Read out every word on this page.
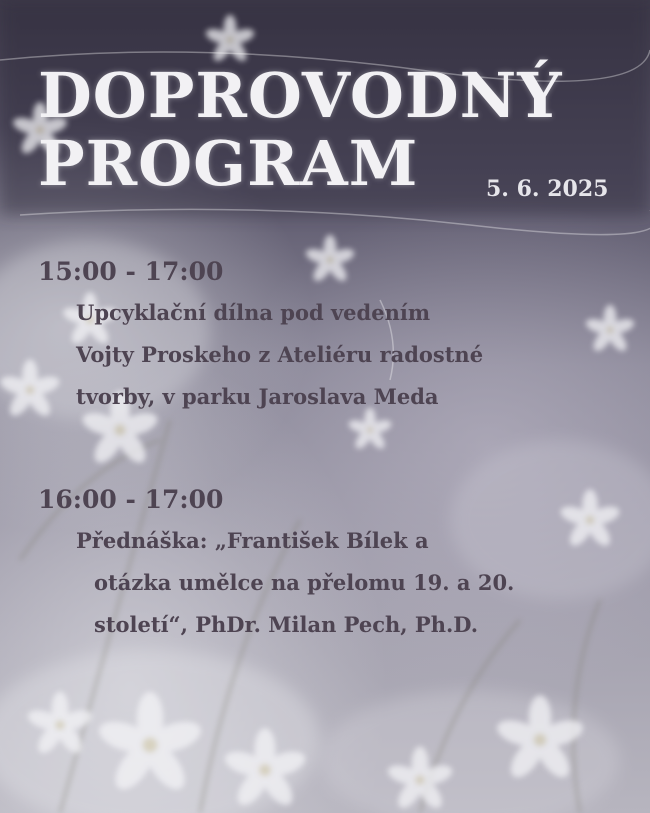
DOPROVODNÝ
PROGRAM	5. 6. 2025
15:00 - 17:00
Upcyklační dílna pod vedením
Vojty Proskeho z Ateliéru radostné
tvorby, v parku Jaroslava Meda
16:00 - 17:00
Přednáška: „František Bílek a
otázka umělce na přelomu 19. a 20.
století“, PhDr. Milan Pech, Ph.D.
